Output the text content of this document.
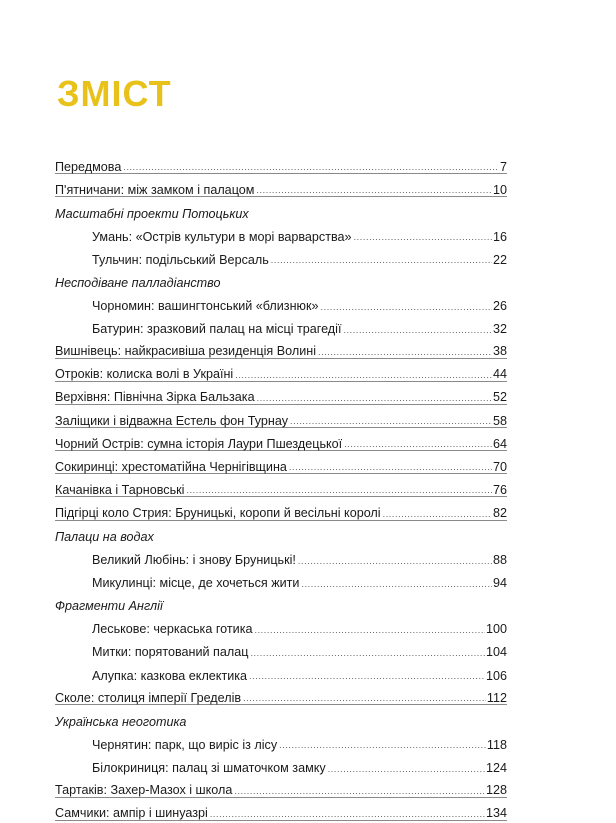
ЗМІСТ
Передмова .....	7
П'ятничани: між замком і палацом .....	10
Масштабні проекти Потоцьких
Умань: «Острів культури в морі варварства» .....	16
Тульчин: подільський Версаль .....	22
Несподіване палладіанство
Чорномин: вашингтонський «близнюк» .....	26
Батурин: зразковий палац на місці трагедії .....	32
Вишнівець: найкрасивіша резиденція Волині .....	38
Отроків: колиска волі в Україні .....	44
Верхівня: Північна Зірка Бальзака .....	52
Заліщики і відважна Естель фон Турнау .....	58
Чорний Острів: сумна історія Лаури Пшездецької .....	64
Сокиринці: хрестоматійна Чернігівщина .....	70
Качанівка і Тарновські .....	76
Підгірці коло Стрия: Бруницькі, коропи й весільні королі .....	82
Палаци на водах
Великий Любінь: і знову Бруницькі! .....	88
Микулинці: місце, де хочеться жити .....	94
Фрагменти Англії
Леськове: черкаська готика .....	100
Митки: порятований палац .....	104
Алупка: казкова еклектика .....	106
Сколе: столиця імперії Гределів .....	112
Українська неоготика
Чернятин: парк, що виріс із лісу .....	118
Білокриниця: палац зі шматочком замку .....	124
Тартаків: Захер-Мазох і школа .....	128
Самчики: ампір і шинуазрі .....	134
